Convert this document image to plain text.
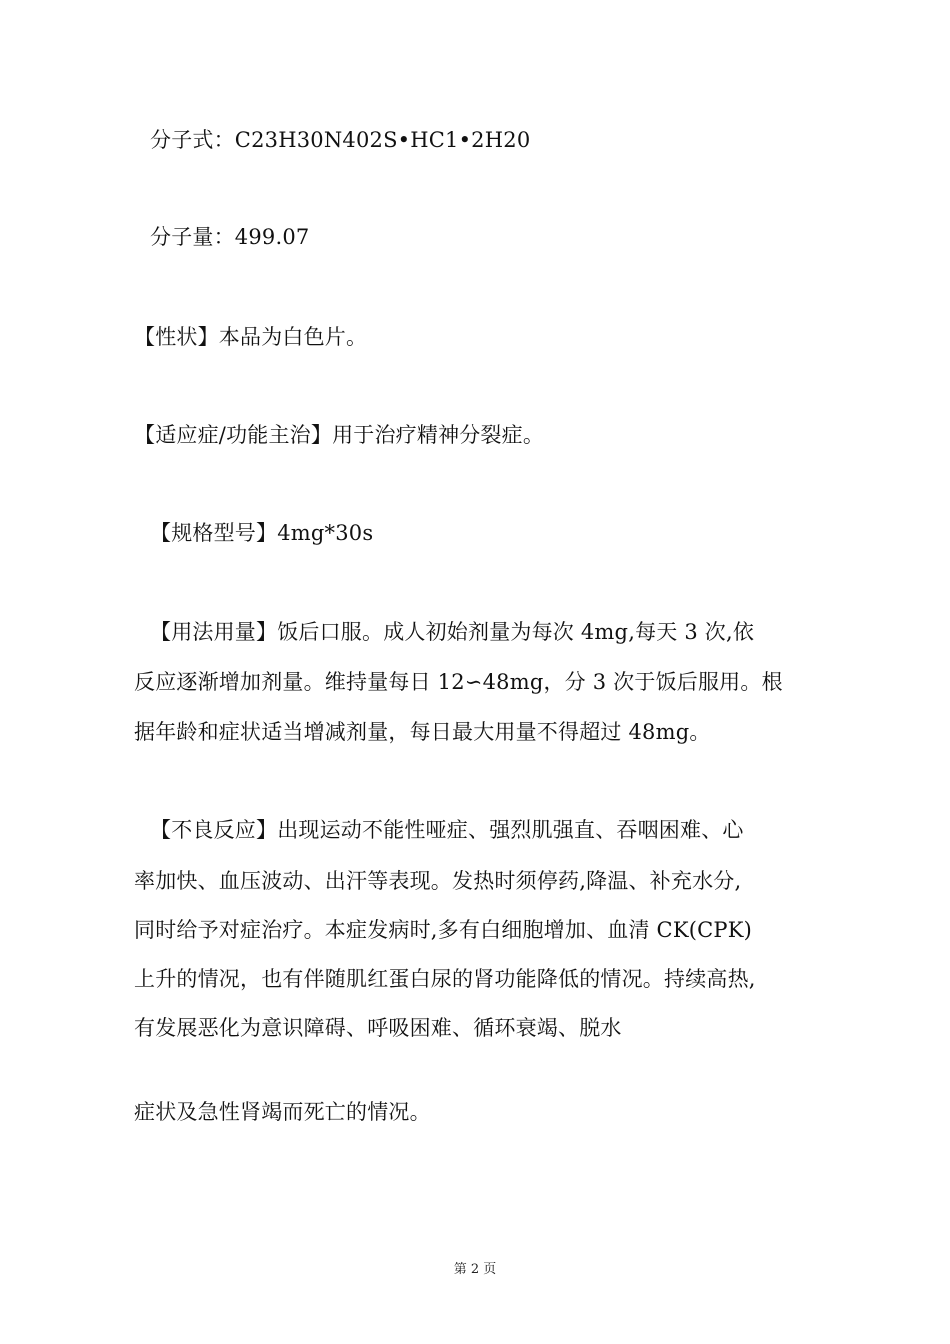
分子式：C23H30N402S•HC1•2H20
分子量：499.07
【性状】本品为白色片。
【适应症/功能主治】用于治疗精神分裂症。
【规格型号】4mg*30s
【用法用量】饭后口服。成人初始剂量为每次 4mg,每天 3 次,依
反应逐渐增加剂量。维持量每日 12∽48mg，分 3 次于饭后服用。根
据年龄和症状适当增减剂量，每日最大用量不得超过 48mg。
【不良反应】出现运动不能性哑症、强烈肌强直、吞咽困难、心
率加快、血压波动、出汗等表现。发热时须停药,降温、补充水分,
同时给予对症治疗。本症发病时,多有白细胞增加、血清 CK(CPK)
上升的情况，也有伴随肌红蛋白尿的肾功能降低的情况。持续高热,
有发展恶化为意识障碍、呼吸困难、循环衰竭、脱水
症状及急性肾竭而死亡的情况。
第 2 页
